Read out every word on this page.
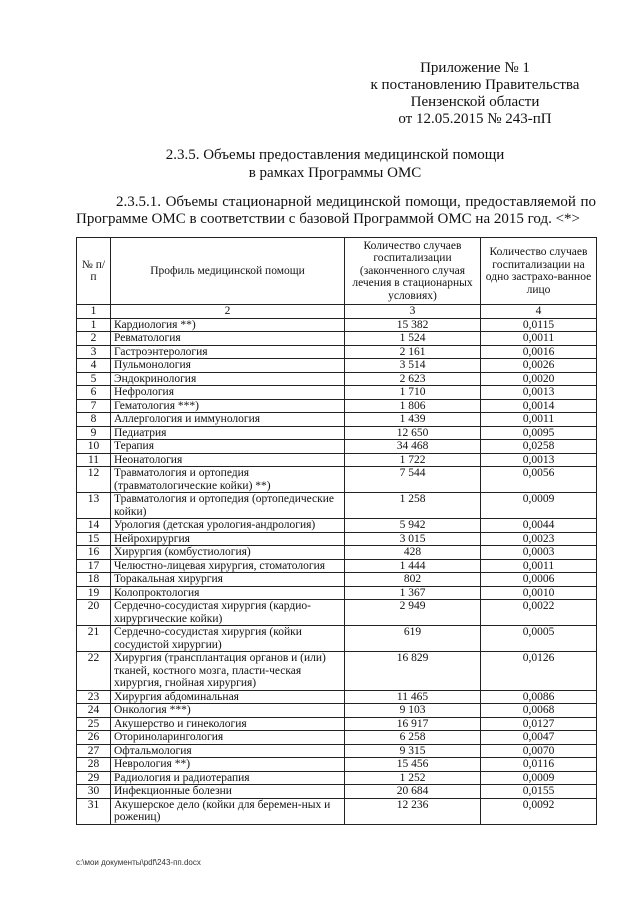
Приложение № 1
к постановлению Правительства
Пензенской области
от 12.05.2015 № 243-пП
2.3.5. Объемы предоставления медицинской помощи
в рамках Программы ОМС
2.3.5.1. Объемы стационарной медицинской помощи, предоставляемой по Программе ОМС в соответствии с базовой Программой ОМС на 2015 год. <*>
№ п/п	Профиль медицинской помощи	Количество случаев госпитализации (законченного случая лечения в стационарных условиях)	Количество случаев госпитализации на одно застрахо-ванное лицо
1	2	3	4
1	Кардиология **)	15 382	0,0115
2	Ревматология	1 524	0,0011
3	Гастроэнтерология	2 161	0,0016
4	Пульмонология	3 514	0,0026
5	Эндокринология	2 623	0,0020
6	Нефрология	1 710	0,0013
7	Гематология ***)	1 806	0,0014
8	Аллергология и иммунология	1 439	0,0011
9	Педиатрия	12 650	0,0095
10	Терапия	34 468	0,0258
11	Неонатология	1 722	0,0013
12	Травматология и ортопедия (травматологические койки) **)	7 544	0,0056
13	Травматология и ортопедия (ортопедические койки)	1 258	0,0009
14	Урология (детская урология-андрология)	5 942	0,0044
15	Нейрохирургия	3 015	0,0023
16	Хирургия (комбустиология)	428	0,0003
17	Челюстно-лицевая хирургия, стоматология	1 444	0,0011
18	Торакальная хирургия	802	0,0006
19	Колопроктология	1 367	0,0010
20	Сердечно-сосудистая хирургия (кардио-хирургические койки)	2 949	0,0022
21	Сердечно-сосудистая хирургия (койки сосудистой хирургии)	619	0,0005
22	Хирургия (трансплантация органов и (или) тканей, костного мозга, пласти-ческая хирургия, гнойная хирургия)	16 829	0,0126
23	Хирургия абдоминальная	11 465	0,0086
24	Онкология ***)	9 103	0,0068
25	Акушерство и гинекология	16 917	0,0127
26	Оториноларингология	6 258	0,0047
27	Офтальмология	9 315	0,0070
28	Неврология **)	15 456	0,0116
29	Радиология и радиотерапия	1 252	0,0009
30	Инфекционные болезни	20 684	0,0155
31	Акушерское дело (койки для беремен-ных и рожениц)	12 236	0,0092
c:\мои документы\pdf\243-пп.docx
